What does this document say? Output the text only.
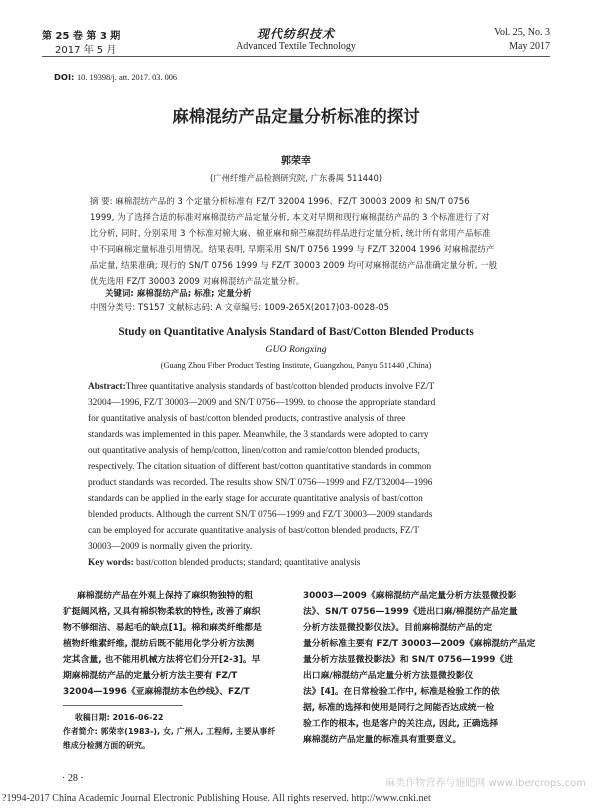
第 25 卷 第 3 期
2017 年 5 月
现代纺织技术
Advanced Textile Technology
Vol. 25, No. 3
May 2017
DOI: 10. 19398/j. att. 2017. 03. 006
麻棉混纺产品定量分析标准的探讨
郭荣幸
(广州纤维产品检测研究院, 广东番禺 511440)
摘 要: 麻棉混纺产品的 3 个定量分析标准有 FZ/T 32004 1996、FZ/T 30003 2009 和 SN/T 0756
1999, 为了选择合适的标准对麻棉混纺产品定量分析, 本文对早期和现行麻棉混纺产品的 3 个标准进行了对
比分析, 同时, 分别采用 3 个标准对棉大麻、棉亚麻和棉苎麻混纺样品进行定量分析, 统计所有常用产品标准
中不同麻棉定量标准引用情况。结果表明, 早期采用 SN/T 0756 1999 与 FZ/T 32004 1996 对麻棉混纺产
品定量, 结果准确; 现行的 SN/T 0756 1999 与 FZ/T 30003 2009 均可对麻棉混纺产品准确定量分析, 一般
优先选用 FZ/T 30003 2009 对麻棉混纺产品定量分析。
关键词: 麻棉混纺产品; 标准; 定量分析
中图分类号: TS157 文献标志码: A 文章编号: 1009-265X(2017)03-0028-05
Study on Quantitative Analysis Standard of Bast/Cotton Blended Products
GUO Rongxing
(Guang Zhou Fiber Product Testing Institute, Guangzhou, Panyu 511440 ,China)
Abstract:Three quantitative analysis standards of bast/cotton blended products involve FZ/T
32004—1996, FZ/T 30003—2009 and SN/T 0756—1999. to choose the appropriate standard
for quantitative analysis of bast/cotton blended products, contrastive analysis of three
standards was implemented in this paper. Meanwhile, the 3 standards were adopted to carry
out quantitative analysis of hemp/cotton, linen/cotton and ramie/cotton blended products,
respectively. The citation situation of different bast/cotton quantitative standards in common
product standards was recorded. The results show SN/T 0756—1999 and FZ/T32004—1996
standards can be applied in the early stage for accurate quantitative analysis of bast/cotton
blended products. Although the current SN/T 0756—1999 and FZ/T 30003—2009 standards
can be employed for accurate quantitative analysis of bast/cotton blended products, FZ/T
30003—2009 is normally given the priority.
Key words: bast/cotton blended products; standard; quantitative analysis
麻棉混纺产品在外观上保持了麻织物独特的粗
犷挺阔风格, 又具有棉织物柔软的特性, 改善了麻织
物不够细洁、易起毛的缺点[1]。棉和麻类纤维都是
植物纤维素纤维, 混纺后既不能用化学分析方法测
定其含量, 也不能用机械方法将它们分开[2-3]。早
期麻棉混纺产品的定量分析方法主要有 FZ/T
32004—1996《亚麻棉混纺本色纱线》、FZ/T
收稿日期: 2016-06-22
作者简介: 郭荣幸(1983-), 女, 广州人, 工程师, 主要从事纤
维成分检测方面的研究。
30003—2009《麻棉混纺产品定量分析方法显微投影
法》、SN/T 0756—1999《进出口麻/棉混纺产品定量
分析方法显微投影仪法》。目前麻棉混纺产品的定
量分析标准主要有 FZ/T 30003—2009《麻棉混纺产品定
量分析方法显微投影法》和 SN/T 0756—1999《进
出口麻/棉混纺产品定量分析方法显微投影仪
法》[4]。在日常检验工作中, 标准是检验工作的依
据, 标准的选择和使用是同行之间能否达成统一检
验工作的根本, 也是客户的关注点, 因此, 正确选择
麻棉混纺产品定量的标准具有重要意义。
· 28 ·	麻类作物营养与施肥网 www.ibercrops.com
?1994-2017 China Academic Journal Electronic Publishing House. All rights reserved. http://www.cnki.net
